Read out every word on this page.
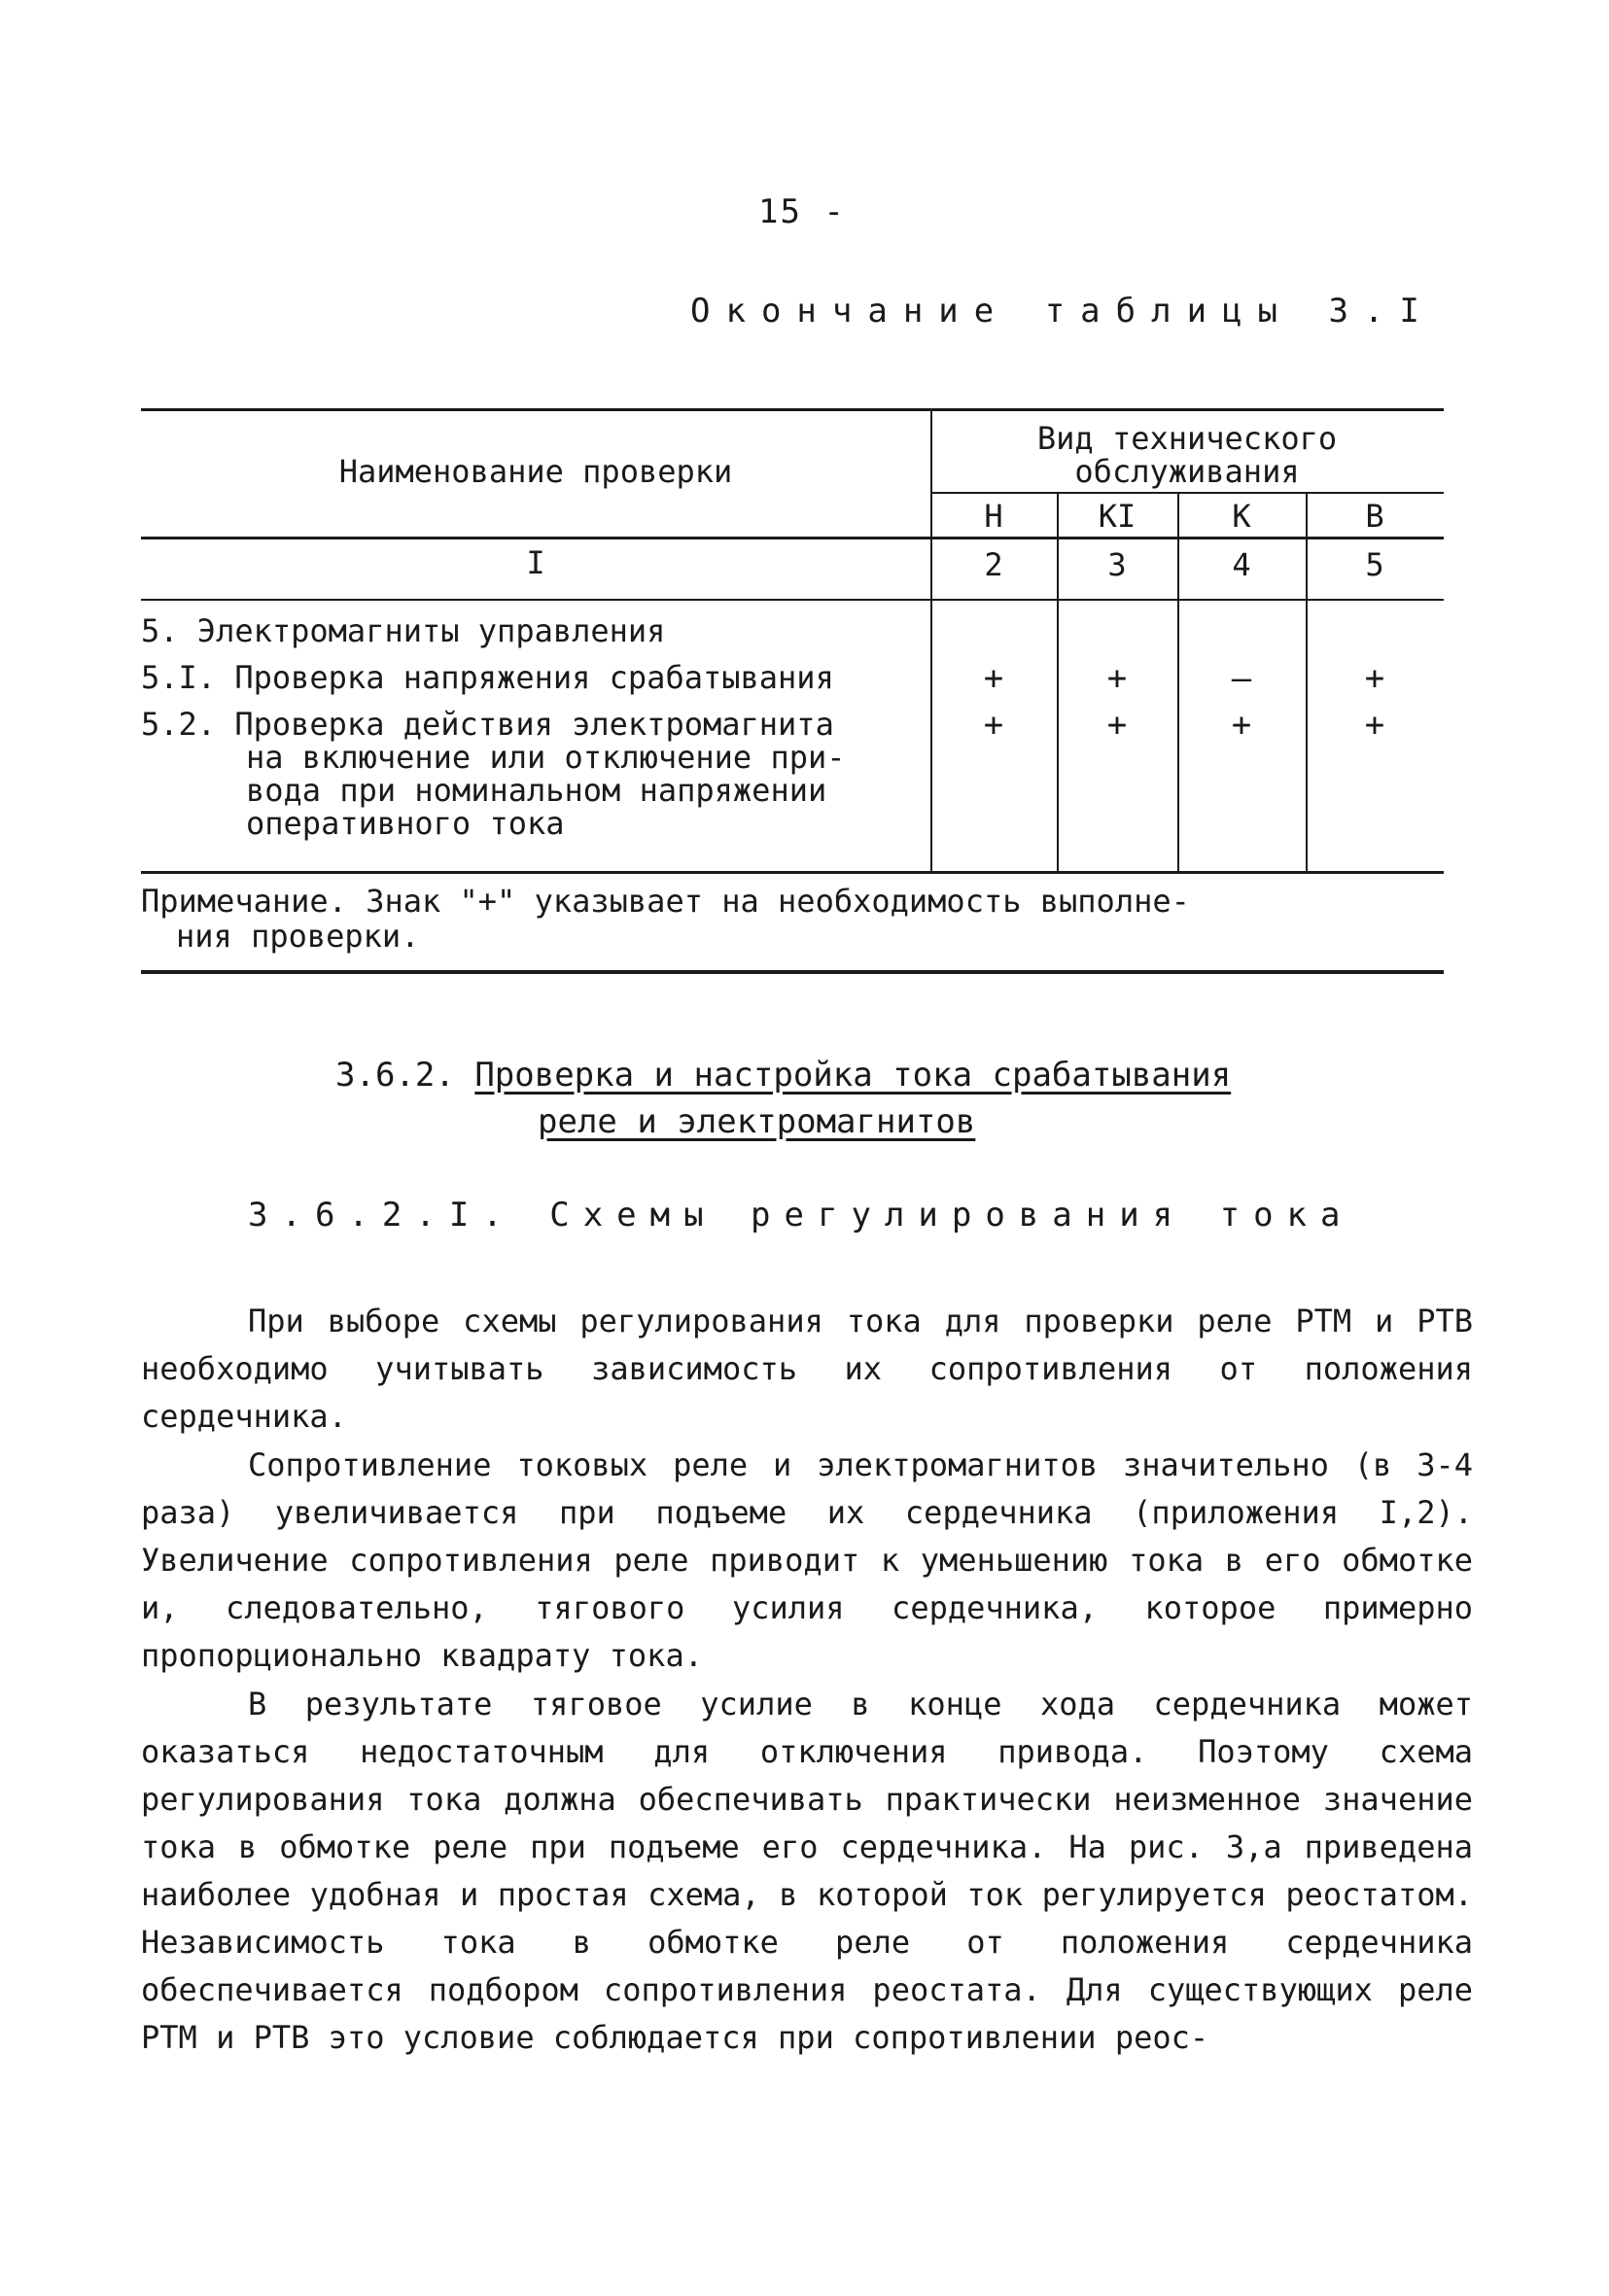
15 -
Окончание таблицы 3.I
Наименование проверки
Вид технического
обслуживания
Н	КI	К	В
I	2	3	4	5
5. Электромагниты управления
5.I. Проверка напряжения срабатывания	+	+	–	+
5.2. Проверка действия электромагнита
на включение или отключение при-
вода при номинальном напряжении
оперативного тока
+	+	+	+
Примечание. Знак "+" указывает на необходимость выполне-
ния проверки.
3.6.2. Проверка и настройка тока срабатывания
реле и электромагнитов
3.6.2.I. Схемы регулирования тока

При выборе схемы регулирования тока для проверки реле РТМ и РТВ необходимо учитывать зависимость их сопротивления от положения сердечника.

Сопротивление токовых реле и электромагнитов значительно (в 3-4 раза) увеличивается при подъеме их сердечника (приложения I,2). Увеличение сопротивления реле приводит к уменьшению тока в его обмотке и, следовательно, тягового усилия сердечника, которое примерно пропорционально квадрату тока.

В результате тяговое усилие в конце хода сердечника может оказаться недостаточным для отключения привода. Поэтому схема регулирования тока должна обеспечивать практически неизменное значение тока в обмотке реле при подъеме его сердечника. На рис. 3,а приведена наиболее удобная и простая схема, в которой ток регулируется реостатом. Независимость тока в обмотке реле от положения сердечника обеспечивается подбором сопротивления реостата. Для существующих реле РТМ и РТВ это условие соблюдается при сопротивлении реос-
